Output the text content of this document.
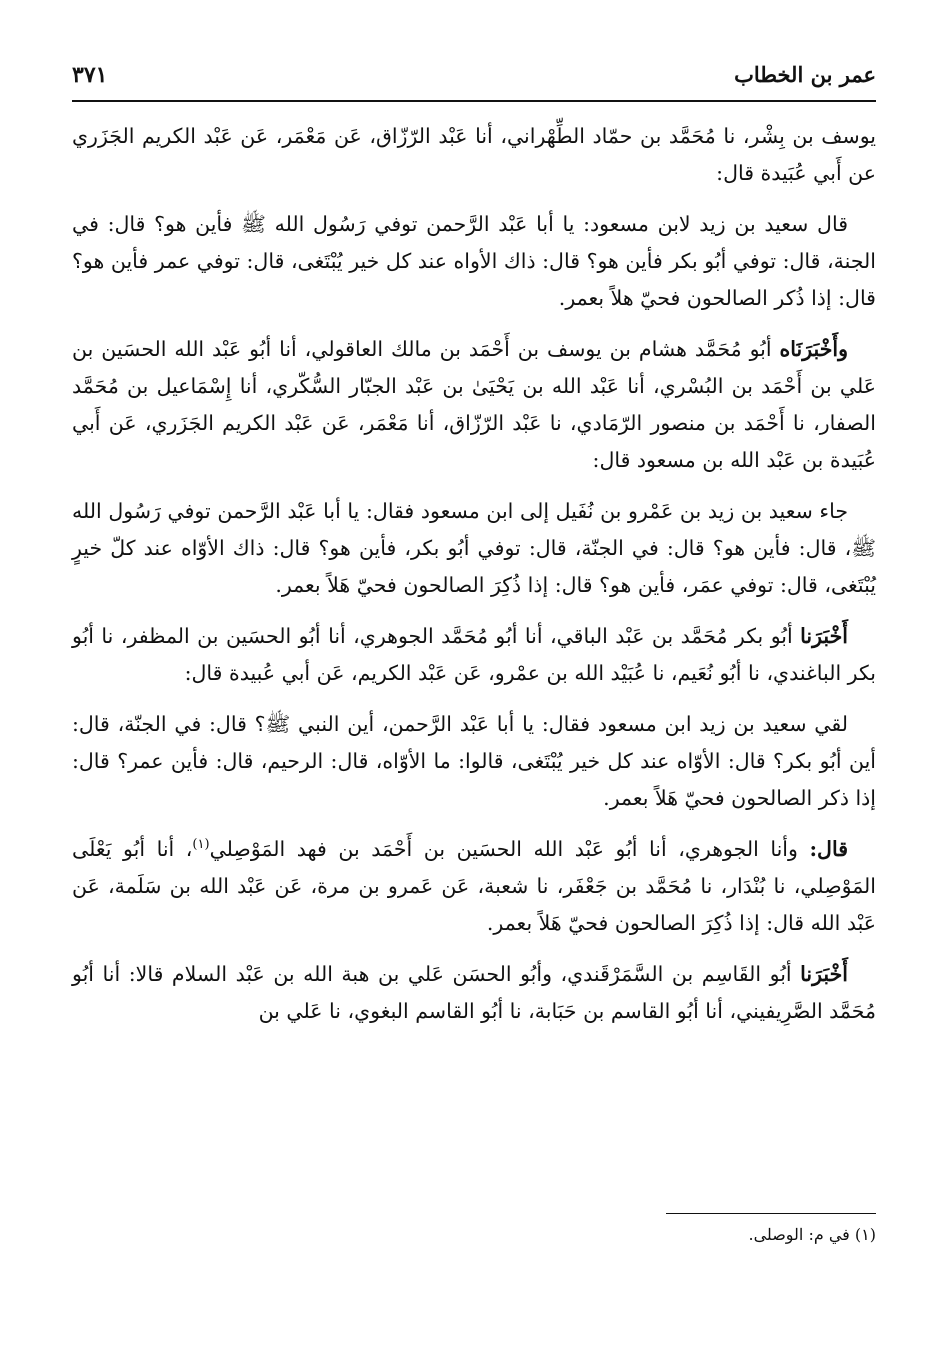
عمر بن الخطاب
٣٧١

يوسف بن بِشْر، نا مُحَمَّد بن حمّاد الطِّهْراني، أنا عَبْد الرّزّاق، عَن مَعْمَر، عَن عَبْد الكريم الجَزَري عن أَبي عُبَيدة قال:

قال سعيد بن زيد لابن مسعود: يا أبا عَبْد الرَّحمن توفي رَسُول الله ﷺ فأين هو؟ قال: في الجنة، قال: توفي أبُو بكر فأين هو؟ قال: ذاك الأواه عند كل خير يُبْتَغى، قال: توفي عمر فأين هو؟ قال: إذا ذُكر الصالحون فحيّ هلاً بعمر.

وأَخْبَرَنَاه أبُو مُحَمَّد هشام بن يوسف بن أَحْمَد بن مالك العاقولي، أنا أبُو عَبْد الله الحسَين بن عَلي بن أَحْمَد بن البُسْري، أنا عَبْد الله بن يَحْيَىٰ بن عَبْد الجبّار السُّكّري، أنا إِسْمَاعيل بن مُحَمَّد الصفار، نا أَحْمَد بن منصور الرّمَادي، نا عَبْد الرّزّاق، أنا مَعْمَر، عَن عَبْد الكريم الجَزَري، عَن أَبي عُبَيدة بن عَبْد الله بن مسعود قال:

جاء سعيد بن زيد بن عَمْرو بن نُفَيل إلى ابن مسعود فقال: يا أبا عَبْد الرَّحمن توفي رَسُول الله ﷺ، قال: فأين هو؟ قال: في الجنّة، قال: توفي أبُو بكر، فأين هو؟ قال: ذاك الأوّاه عند كلّ خيرٍ يُبْتَغى، قال: توفي عمَر، فأين هو؟ قال: إذا ذُكِرَ الصالحون فحيّ هَلاً بعمر.

أَخْبَرَنا أبُو بكر مُحَمَّد بن عَبْد الباقي، أنا أبُو مُحَمَّد الجوهري، أنا أبُو الحسَين بن المظفر، نا أبُو بكر الباغندي، نا أبُو نُعَيم، نا عُبَيْد الله بن عمْرو، عَن عَبْد الكريم، عَن أبي عُبيدة قال:

لقي سعيد بن زيد ابن مسعود فقال: يا أبا عَبْد الرَّحمن، أين النبي ﷺ؟ قال: في الجنّة، قال: أين أبُو بكر؟ قال: الأوّاه عند كل خير يُبْتَغى، قالوا: ما الأوّاه، قال: الرحيم، قال: فأين عمر؟ قال: إذا ذكر الصالحون فحيّ هَلاً بعمر.

قال: وأنا الجوهري، أنا أبُو عَبْد الله الحسَين بن أَحْمَد بن فهد المَوْصِلي$^{(١)}$، أنا أبُو يَعْلَى المَوْصِلي، نا بُنْدَار، نا مُحَمَّد بن جَعْفَر، نا شعبة، عَن عَمرو بن مرة، عَن عَبْد الله بن سَلَمة، عَن عَبْد الله قال: إذا ذُكِرَ الصالحون فحيّ هَلاً بعمر.

أَخْبَرَنا أبُو القَاسِم بن السَّمَرْقَندي، وأبُو الحسَن عَلي بن هبة الله بن عَبْد السلام قالا: أنا أبُو مُحَمَّد الصَّرِيفيني، أنا أبُو القاسم بن حَبَابة، نا أبُو القاسم البغوي، نا عَلي بن

(١) في م: الوصلى.
